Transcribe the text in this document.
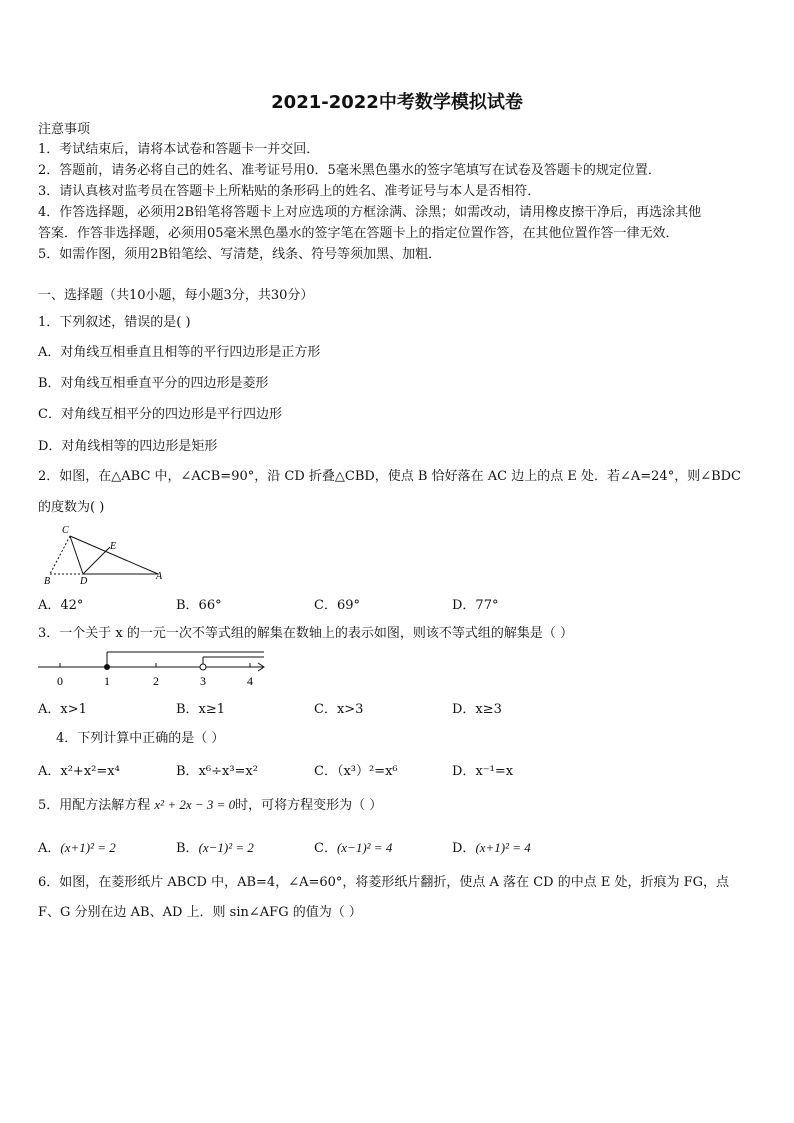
2021-2022中考数学模拟试卷
注意事项
1．考试结束后，请将本试卷和答题卡一并交回．
2．答题前，请务必将自己的姓名、准考证号用0．5毫米黑色墨水的签字笔填写在试卷及答题卡的规定位置．
3．请认真核对监考员在答题卡上所粘贴的条形码上的姓名、准考证号与本人是否相符．
4．作答选择题，必须用2B铅笔将答题卡上对应选项的方框涂满、涂黑；如需改动，请用橡皮擦干净后，再选涂其他
答案．作答非选择题，必须用05毫米黑色墨水的签字笔在答题卡上的指定位置作答，在其他位置作答一律无效．
5．如需作图，须用2B铅笔绘、写清楚，线条、符号等须加黑、加粗．
一、选择题（共10小题，每小题3分，共30分）
1．下列叙述，错误的是( )
A．对角线互相垂直且相等的平行四边形是正方形
B．对角线互相垂直平分的四边形是菱形
C．对角线互相平分的四边形是平行四边形
D．对角线相等的四边形是矩形
2．如图，在△ABC 中，∠ACB=90°，沿 CD 折叠△CBD，使点 B 恰好落在 AC 边上的点 E 处．若∠A=24°，则∠BDC
的度数为( )
C
E
B	D	A
A．42°	B．66°	C．69°	D．77°
3．一个关于 x 的一元一次不等式组的解集在数轴上的表示如图，则该不等式组的解集是（ ）
0	1	2	3	4
A．x>1	B．x≥1	C．x>3	D．x≥3
4．下列计算中正确的是（ ）
A．x²+x²=x⁴	B．x⁶÷x³=x²	C．（x³）²=x⁶	D．x⁻¹=x
5．用配方法解方程 x² + 2x − 3 = 0时，可将方程变形为（ ）
A．(x+1)² = 2	B．(x−1)² = 2	C．(x−1)² = 4	D．(x+1)² = 4
6．如图，在菱形纸片 ABCD 中，AB=4，∠A=60°，将菱形纸片翻折，使点 A 落在 CD 的中点 E 处，折痕为 FG，点
F、G 分别在边 AB、AD 上．则 sin∠AFG 的值为（ ）
